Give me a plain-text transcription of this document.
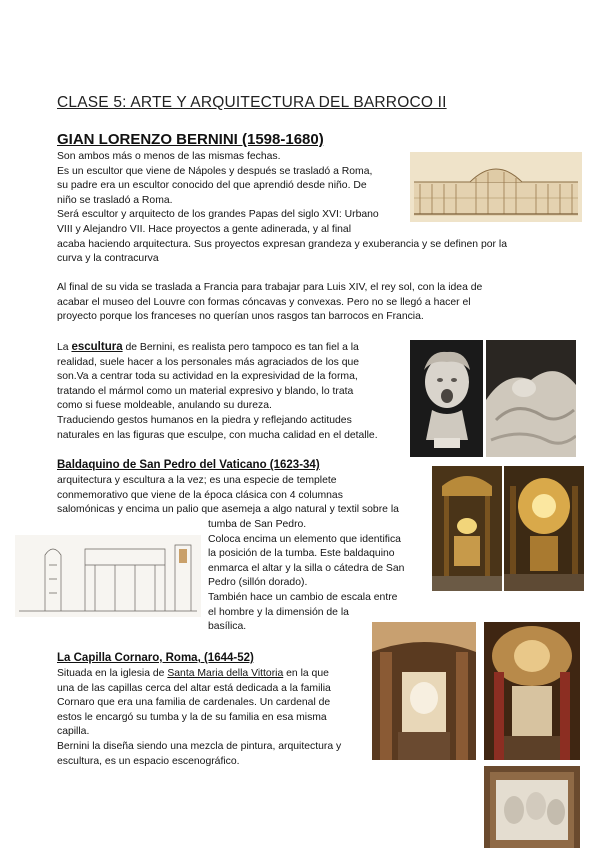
CLASE 5: ARTE Y ARQUITECTURA DEL BARROCO II
GIAN LORENZO BERNINI (1598-1680)

Son ambos más o menos de las mismas fechas.

Es un escultor que viene de Nápoles y después se trasladó a Roma,

su padre era un escultor conocido del que aprendió desde niño. De

niño se trasladó a Roma.

Será escultor y arquitecto de los grandes Papas del siglo XVI: Urbano

VIII y Alejandro VII. Hace proyectos a gente adinerada, y al final

acaba haciendo arquitectura. Sus proyectos expresan grandeza y exuberancia y se definen por la

curva y la contracurva

Al final de su vida se traslada a Francia para trabajar para Luis XIV, el rey sol, con la idea de

acabar el museo del Louvre con formas cóncavas y convexas. Pero no se llegó a hacer el

proyecto porque los franceses no querían unos rasgos tan barrocos en Francia.

La escultura de Bernini, es realista pero tampoco es tan fiel a la

realidad, suele hacer a los personales más agraciados de los que

son.Va a centrar toda su actividad en la expresividad de la forma,

tratando el mármol como un material expresivo y blando, lo trata

como si fuese moldeable, anulando su dureza.

Traduciendo gestos humanos en la piedra y reflejando actitudes

naturales en las figuras que esculpe, con mucha calidad en el detalle.

Baldaquino de San Pedro del Vaticano (1623-34)

arquitectura y escultura a la vez; es una especie de templete

conmemorativo que viene de la época clásica con 4 columnas

salomónicas y encima un palio que asemeja a algo natural y textil sobre la

tumba de San Pedro.

Coloca encima un elemento que identifica

la posición de la tumba. Este baldaquino

enmarca el altar y la silla o cátedra de San

Pedro (sillón dorado).

También hace un cambio de escala entre

el hombre y la dimensión de la

basílica.

La Capilla Cornaro, Roma, (1644-52)

Situada en la iglesia de Santa Maria della Vittoria en la que

una de las capillas cerca del altar está dedicada a la familia

Cornaro que era una familia de cardenales. Un cardenal de

estos le encargó su tumba y la de su familia en esa misma

capilla.

Bernini la diseña siendo una mezcla de pintura, arquitectura y

escultura, es un espacio escenográfico.
